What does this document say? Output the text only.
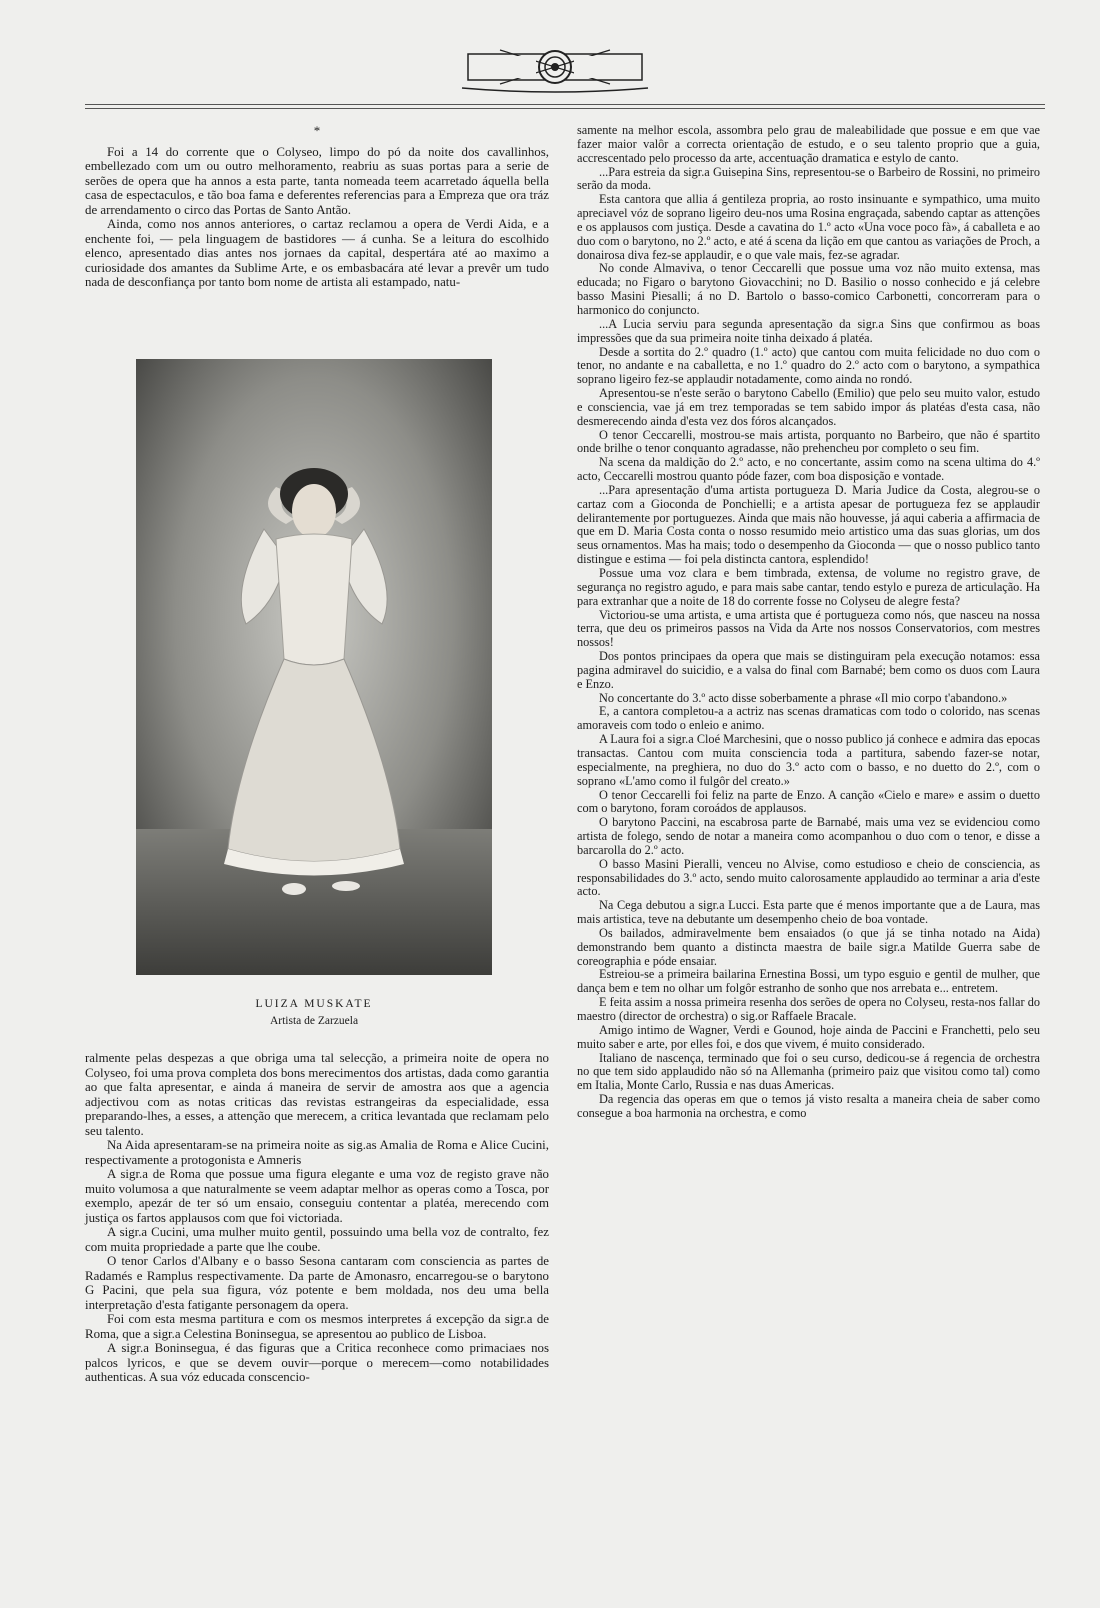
*

Foi a 14 do corrente que o Colyseo, limpo do pó da noite dos cavallinhos, embellezado com um ou outro melhoramento, reabriu as suas portas para a serie de serões de opera que ha annos a esta parte, tanta nomeada teem acarretado áquella bella casa de espectaculos, e tão boa fama e deferentes referencias para a Empreza que ora tráz de arrendamento o circo das Portas de Santo Antão.

Ainda, como nos annos anteriores, o cartaz reclamou a opera de Verdi Aida, e a enchente foi, — pela linguagem de bastidores — á cunha. Se a leitura do escolhido elenco, apresentado dias antes nos jornaes da capital, despertára até ao maximo a curiosidade dos amantes da Sublime Arte, e os embasbacára até levar a prevêr um tudo nada de desconfiança por tanto bom nome de artista ali estampado, natu-

LUIZA MUSKATE
Artista de Zarzuela

ralmente pelas despezas a que obriga uma tal selecção, a primeira noite de opera no Colyseo, foi uma prova completa dos bons merecimentos dos artistas, dada como garantia ao que falta apresentar, e ainda á maneira de servir de amostra aos que a agencia adjectivou com as notas criticas das revistas estrangeiras da especialidade, essa preparando-lhes, a esses, a attenção que merecem, a critica levantada que reclamam pelo seu talento.

Na Aida apresentaram-se na primeira noite as sig.as Amalia de Roma e Alice Cucini, respectivamente a protogonista e Amneris

A sigr.a de Roma que possue uma figura elegante e uma voz de registo grave não muito volumosa a que naturalmente se veem adaptar melhor as operas como a Tosca, por exemplo, apezár de ter só um ensaio, conseguiu contentar a platéa, merecendo com justiça os fartos applausos com que foi victoriada.

A sigr.a Cucini, uma mulher muito gentil, possuindo uma bella voz de contralto, fez com muita propriedade a parte que lhe coube.

O tenor Carlos d'Albany e o basso Sesona cantaram com consciencia as partes de Radamés e Ramplus respectivamente. Da parte de Amonasro, encarregou-se o barytono G Pacini, que pela sua figura, vóz potente e bem moldada, nos deu uma bella interpretação d'esta fatigante personagem da opera.

Foi com esta mesma partitura e com os mesmos interpretes á excepção da sigr.a de Roma, que a sigr.a Celestina Boninsegua, se apresentou ao publico de Lisboa.

A sigr.a Boninsegua, é das figuras que a Critica reconhece como primaciaes nos palcos lyricos, e que se devem ouvir—porque o merecem—como notabilidades authenticas. A sua vóz educada conscencio-

samente na melhor escola, assombra pelo grau de maleabilidade que possue e em que vae fazer maior valôr a correcta orientação de estudo, e o seu talento proprio que a guia, accrescentado pelo processo da arte, accentuação dramatica e estylo de canto.

...Para estreia da sigr.a Guisepina Sins, representou-se o Barbeiro de Rossini, no primeiro serão da moda.

Esta cantora que allia á gentileza propria, ao rosto insinuante e sympathico, uma muito apreciavel vóz de soprano ligeiro deu-nos uma Rosina engraçada, sabendo captar as attenções e os applausos com justiça. Desde a cavatina do 1.º acto «Una voce poco fà», á caballeta e ao duo com o barytono, no 2.º acto, e até á scena da lição em que cantou as variações de Proch, a donairosa diva fez-se applaudir, e o que vale mais, fez-se agradar.

No conde Almaviva, o tenor Ceccarelli que possue uma voz não muito extensa, mas educada; no Figaro o barytono Giovacchini; no D. Basilio o nosso conhecido e já celebre basso Masini Piesalli; á no D. Bartolo o basso-comico Carbonetti, concorreram para o harmonico do conjuncto.

...A Lucia serviu para segunda apresentação da sigr.a Sins que confirmou as boas impressões que da sua primeira noite tinha deixado á platéa.

Desde a sortita do 2.º quadro (1.º acto) que cantou com muita felicidade no duo com o tenor, no andante e na caballetta, e no 1.º quadro do 2.º acto com o barytono, a sympathica soprano ligeiro fez-se applaudir notadamente, como ainda no rondó.

Apresentou-se n'este serão o barytono Cabello (Emilio) que pelo seu muito valor, estudo e consciencia, vae já em trez temporadas se tem sabido impor ás platéas d'esta casa, não desmerecendo ainda d'esta vez dos fóros alcançados.

O tenor Ceccarelli, mostrou-se mais artista, porquanto no Barbeiro, que não é spartito onde brilhe o tenor conquanto agradasse, não prehencheu por completo o seu fim.

Na scena da maldição do 2.º acto, e no concertante, assim como na scena ultima do 4.º acto, Ceccarelli mostrou quanto póde fazer, com boa disposição e vontade.

...Para apresentação d'uma artista portugueza D. Maria Judice da Costa, alegrou-se o cartaz com a Gioconda de Ponchielli; e a artista apesar de portugueza fez se applaudir delirantemente por portuguezes. Ainda que mais não houvesse, já aqui caberia a affirmacia de que em D. Maria Costa conta o nosso resumido meio artistico uma das suas glorias, um dos seus ornamentos. Mas ha mais; todo o desempenho da Gioconda — que o nosso publico tanto distingue e estima — foi pela distincta cantora, esplendido!

Possue uma voz clara e bem timbrada, extensa, de volume no registro grave, de segurança no registro agudo, e para mais sabe cantar, tendo estylo e pureza de articulação. Ha para extranhar que a noite de 18 do corrente fosse no Colyseu de alegre festa?

Victoriou-se uma artista, e uma artista que é portugueza como nós, que nasceu na nossa terra, que deu os primeiros passos na Vida da Arte nos nossos Conservatorios, com mestres nossos!

Dos pontos principaes da opera que mais se distinguiram pela execução notamos: essa pagina admiravel do suicidio, e a valsa do final com Barnabé; bem como os duos com Laura e Enzo.

No concertante do 3.º acto disse soberbamente a phrase «Il mio corpo t'abandono.»

E, a cantora completou-a a actriz nas scenas dramaticas com todo o colorido, nas scenas amoraveis com todo o enleio e animo.

A Laura foi a sigr.a Cloé Marchesini, que o nosso publico já conhece e admira das epocas transactas. Cantou com muita consciencia toda a partitura, sabendo fazer-se notar, especialmente, na preghiera, no duo do 3.º acto com o basso, e no duetto do 2.º, com o soprano «L'amo como il fulgôr del creato.»

O tenor Ceccarelli foi feliz na parte de Enzo. A canção «Cielo e mare» e assim o duetto com o barytono, foram coroádos de applausos.

O barytono Paccini, na escabrosa parte de Barnabé, mais uma vez se evidenciou como artista de folego, sendo de notar a maneira como acompanhou o duo com o tenor, e disse a barcarolla do 2.º acto.

O basso Masini Pieralli, venceu no Alvise, como estudioso e cheio de consciencia, as responsabilidades do 3.º acto, sendo muito calorosamente applaudido ao terminar a aria d'este acto.

Na Cega debutou a sigr.a Lucci. Esta parte que é menos importante que a de Laura, mas mais artistica, teve na debutante um desempenho cheio de boa vontade.

Os bailados, admiravelmente bem ensaiados (o que já se tinha notado na Aida) demonstrando bem quanto a distincta maestra de baile sigr.a Matilde Guerra sabe de coreographia e póde ensaiar.

Estreiou-se a primeira bailarina Ernestina Bossi, um typo esguio e gentil de mulher, que dança bem e tem no olhar um folgôr estranho de sonho que nos arrebata e... entretem.

E feita assim a nossa primeira resenha dos serões de opera no Colyseu, resta-nos fallar do maestro (director de orchestra) o sig.or Raffaele Bracale.

Amigo intimo de Wagner, Verdi e Gounod, hoje ainda de Paccini e Franchetti, pelo seu muito saber e arte, por elles foi, e dos que vivem, é muito considerado.

Italiano de nascença, terminado que foi o seu curso, dedicou-se á regencia de orchestra no que tem sido applaudido não só na Allemanha (primeiro paiz que visitou como tal) como em Italia, Monte Carlo, Russia e nas duas Americas.

Da regencia das operas em que o temos já visto resalta a maneira cheia de saber como consegue a boa harmonia na orchestra, e como
